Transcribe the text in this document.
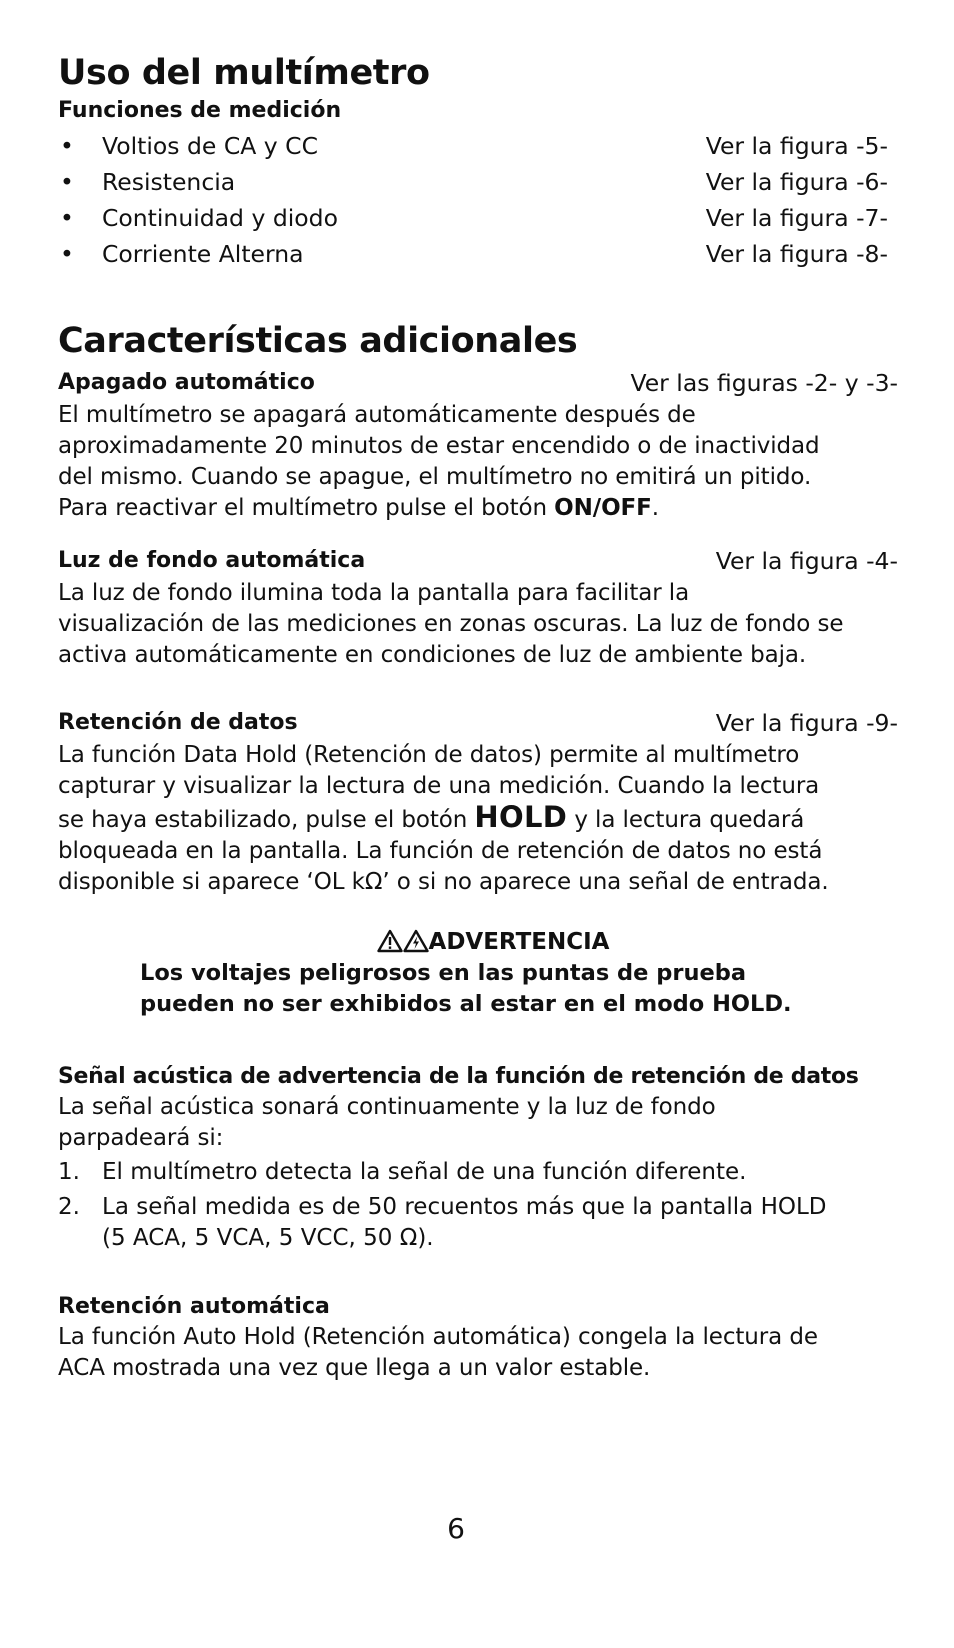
Uso del multímetro
Funciones de medición
• Voltios de CA y CC	Ver la figura -5-
• Resistencia	Ver la figura -6-
• Continuidad y diodo	Ver la figura -7-
• Corriente Alterna	Ver la figura -8-
Características adicionales
Apagado automático	Ver las figuras -2- y -3-
El multímetro se apagará automáticamente después de
aproximadamente 20 minutos de estar encendido o de inactividad
del mismo. Cuando se apague, el multímetro no emitirá un pitido.
Para reactivar el multímetro pulse el botón ON/OFF.
Luz de fondo automática	Ver la figura -4-
La luz de fondo ilumina toda la pantalla para facilitar la
visualización de las mediciones en zonas oscuras. La luz de fondo se
activa automáticamente en condiciones de luz de ambiente baja.
Retención de datos	Ver la figura -9-
La función Data Hold (Retención de datos) permite al multímetro
capturar y visualizar la lectura de una medición. Cuando la lectura
se haya estabilizado, pulse el botón HOLD y la lectura quedará
bloqueada en la pantalla. La función de retención de datos no está
disponible si aparece ‘OL kΩ’ o si no aparece una señal de entrada.
ADVERTENCIA
Los voltajes peligrosos en las puntas de prueba
pueden no ser exhibidos al estar en el modo HOLD.
Señal acústica de advertencia de la función de retención de datos
La señal acústica sonará continuamente y la luz de fondo
parpadeará si:
1. El multímetro detecta la señal de una función diferente.
2. La señal medida es de 50 recuentos más que la pantalla HOLD
(5 ACA, 5 VCA, 5 VCC, 50 Ω).
Retención automática
La función Auto Hold (Retención automática) congela la lectura de
ACA mostrada una vez que llega a un valor estable.
6
